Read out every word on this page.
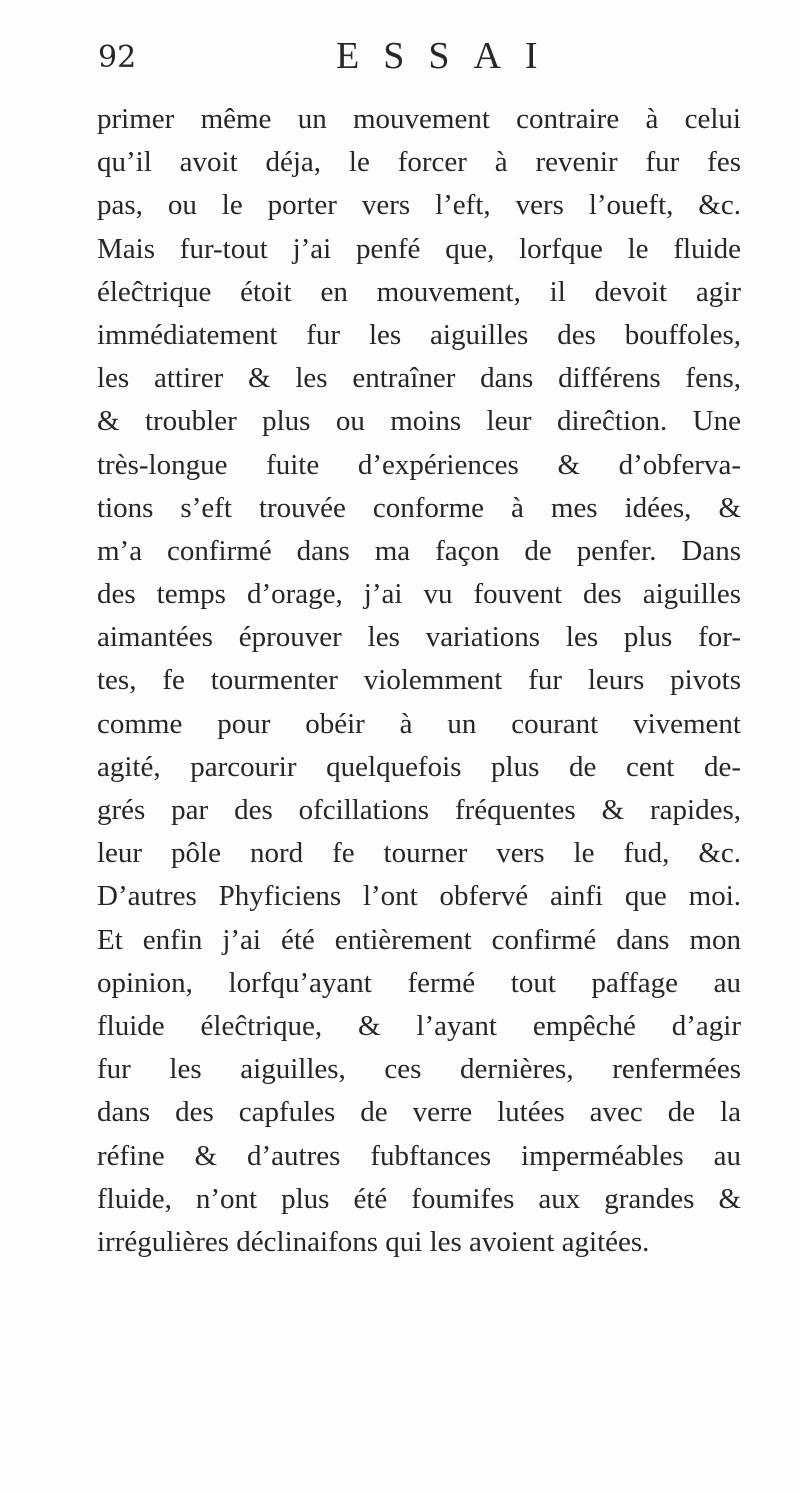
92	ESSAI
primer même un mouvement contraire à celui
qu’il avoit déja, le forcer à revenir fur fes
pas, ou le porter vers l’eft, vers l’oueft, &c.
Mais fur-tout j’ai penfé que, lorfque le fluide
éleĉtrique étoit en mouvement, il devoit agir
immédiatement fur les aiguilles des bouffoles,
les attirer & les entraîner dans différens fens,
& troubler plus ou moins leur direĉtion. Une
très-longue fuite d’expériences & d’obferva-
tions s’eft trouvée conforme à mes idées, &
m’a confirmé dans ma façon de penfer. Dans
des temps d’orage, j’ai vu fouvent des aiguilles
aimantées éprouver les variations les plus for-
tes, fe tourmenter violemment fur leurs pivots
comme pour obéir à un courant vivement
agité, parcourir quelquefois plus de cent de-
grés par des ofcillations fréquentes & rapides,
leur pôle nord fe tourner vers le fud, &c.
D’autres Phyficiens l’ont obfervé ainfi que moi.
Et enfin j’ai été entièrement confirmé dans mon
opinion, lorfqu’ayant fermé tout paffage au
fluide éleĉtrique, & l’ayant empêché d’agir
fur les aiguilles, ces dernières, renfermées
dans des capfules de verre lutées avec de la
réfine & d’autres fubftances imperméables au
fluide, n’ont plus été foumifes aux grandes &
irrégulières déclinaifons qui les avoient agitées.
